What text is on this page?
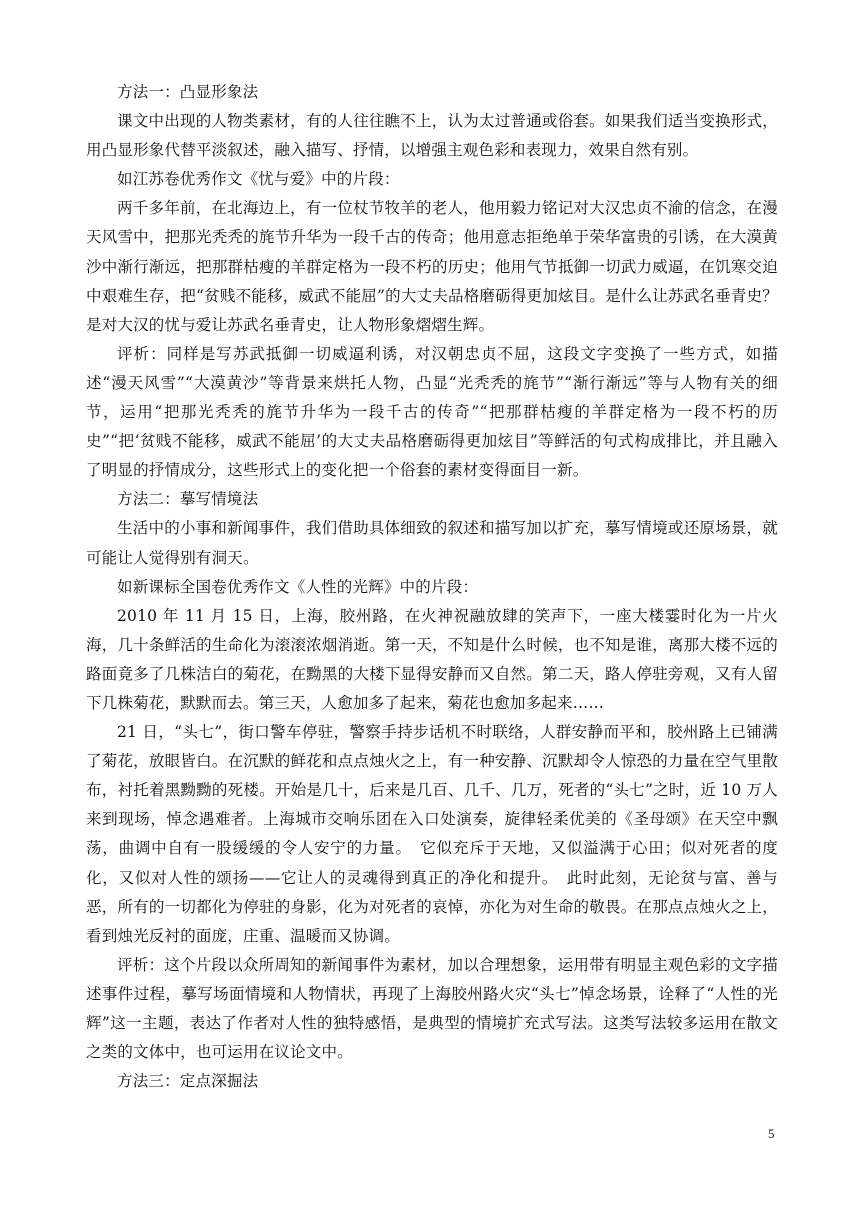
方法一：凸显形象法

课文中出现的人物类素材，有的人往往瞧不上，认为太过普通或俗套。如果我们适当变换形式，用凸显形象代替平淡叙述，融入描写、抒情，以增强主观色彩和表现力，效果自然有别。

如江苏卷优秀作文《忧与爱》中的片段：

两千多年前，在北海边上，有一位杖节牧羊的老人，他用毅力铭记对大汉忠贞不渝的信念，在漫天风雪中，把那光秃秃的旄节升华为一段千古的传奇；他用意志拒绝单于荣华富贵的引诱，在大漠黄沙中渐行渐远，把那群枯瘦的羊群定格为一段不朽的历史；他用气节抵御一切武力威逼，在饥寒交迫中艰难生存，把“贫贱不能移，威武不能屈”的大丈夫品格磨砺得更加炫目。是什么让苏武名垂青史？是对大汉的忧与爱让苏武名垂青史，让人物形象熠熠生辉。

评析：同样是写苏武抵御一切威逼利诱，对汉朝忠贞不屈，这段文字变换了一些方式，如描述“漫天风雪”“大漠黄沙”等背景来烘托人物，凸显“光秃秃的旄节”“渐行渐远”等与人物有关的细节，运用“把那光秃秃的旄节升华为一段千古的传奇”“把那群枯瘦的羊群定格为一段不朽的历史”“把‘贫贱不能移，威武不能屈’的大丈夫品格磨砺得更加炫目”等鲜活的句式构成排比，并且融入了明显的抒情成分，这些形式上的变化把一个俗套的素材变得面目一新。

方法二：摹写情境法

生活中的小事和新闻事件，我们借助具体细致的叙述和描写加以扩充，摹写情境或还原场景，就可能让人觉得别有洞天。

如新课标全国卷优秀作文《人性的光辉》中的片段：

2010 年 11 月 15 日，上海，胶州路，在火神祝融放肆的笑声下，一座大楼霎时化为一片火海，几十条鲜活的生命化为滚滚浓烟消逝。第一天，不知是什么时候，也不知是谁，离那大楼不远的路面竟多了几株洁白的菊花，在黝黑的大楼下显得安静而又自然。第二天，路人停驻旁观，又有人留下几株菊花，默默而去。第三天，人愈加多了起来，菊花也愈加多起来……

21 日，“头七”，街口警车停驻，警察手持步话机不时联络，人群安静而平和，胶州路上已铺满了菊花，放眼皆白。在沉默的鲜花和点点烛火之上，有一种安静、沉默却令人惊恐的力量在空气里散布，衬托着黑黝黝的死楼。开始是几十，后来是几百、几千、几万，死者的“头七”之时，近 10 万人来到现场，悼念遇难者。上海城市交响乐团在入口处演奏，旋律轻柔优美的《圣母颂》在天空中飘荡，曲调中自有一股缓缓的令人安宁的力量。　它似充斥于天地，又似溢满于心田；似对死者的度化，又似对人性的颂扬——它让人的灵魂得到真正的净化和提升。　此时此刻，无论贫与富、善与恶，所有的一切都化为停驻的身影，化为对死者的哀悼，亦化为对生命的敬畏。在那点点烛火之上，看到烛光反衬的面庞，庄重、温暖而又协调。

评析：这个片段以众所周知的新闻事件为素材，加以合理想象，运用带有明显主观色彩的文字描述事件过程，摹写场面情境和人物情状，再现了上海胶州路火灾“头七”悼念场景，诠释了“人性的光辉”这一主题，表达了作者对人性的独特感悟，是典型的情境扩充式写法。这类写法较多运用在散文之类的文体中，也可运用在议论文中。

方法三：定点深掘法

5
